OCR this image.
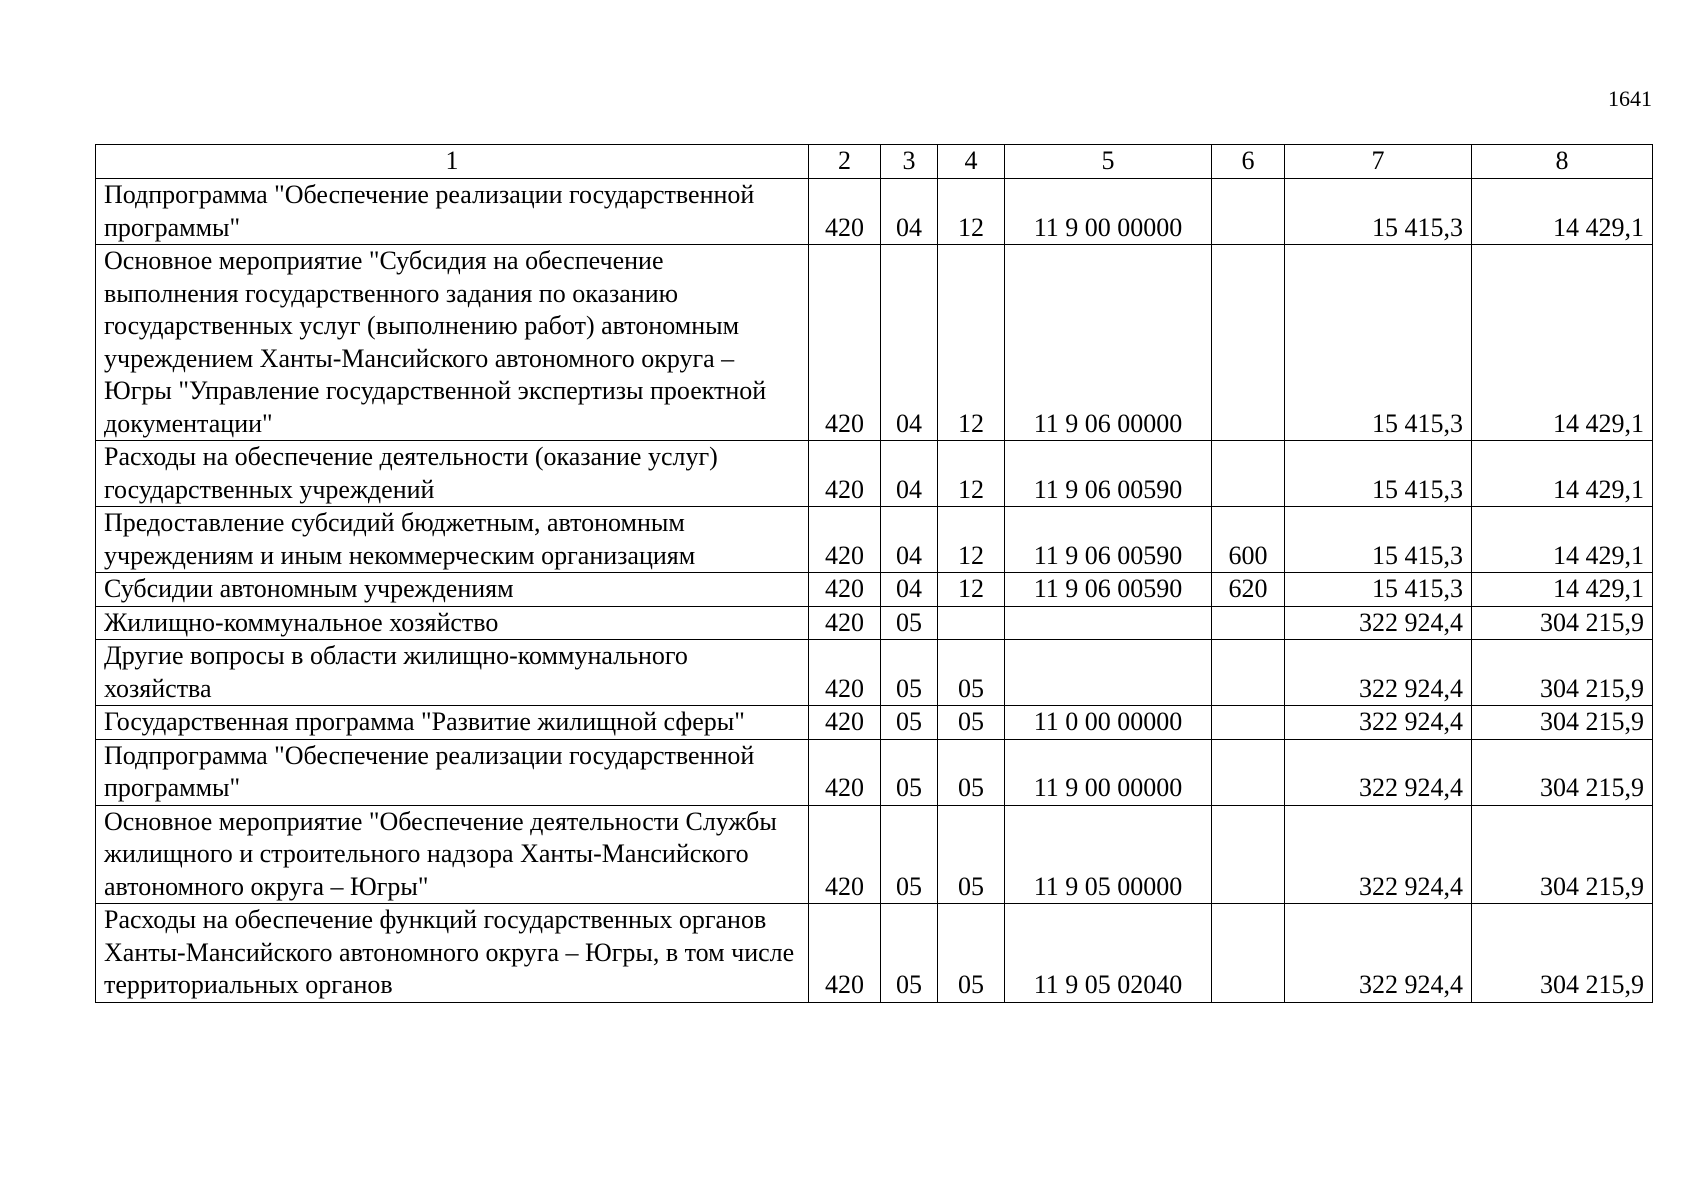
1641
1	2	3	4	5	6	7	8
Подпрограмма "Обеспечение реализации государственной программы"	420	04	12	11 9 00 00000		15 415,3	14 429,1
Основное мероприятие "Субсидия на обеспечение выполнения государственного задания по оказанию государственных услуг (выполнению работ) автономным учреждением Ханты-Мансийского автономного округа – Югры "Управление государственной экспертизы проектной документации"	420	04	12	11 9 06 00000		15 415,3	14 429,1
Расходы на обеспечение деятельности (оказание услуг) государственных учреждений	420	04	12	11 9 06 00590		15 415,3	14 429,1
Предоставление субсидий бюджетным, автономным учреждениям и иным некоммерческим организациям	420	04	12	11 9 06 00590	600	15 415,3	14 429,1
Субсидии автономным учреждениям	420	04	12	11 9 06 00590	620	15 415,3	14 429,1
Жилищно-коммунальное хозяйство	420	05				322 924,4	304 215,9
Другие вопросы в области жилищно-коммунального хозяйства	420	05	05			322 924,4	304 215,9
Государственная программа "Развитие жилищной сферы"	420	05	05	11 0 00 00000		322 924,4	304 215,9
Подпрограмма "Обеспечение реализации государственной программы"	420	05	05	11 9 00 00000		322 924,4	304 215,9
Основное мероприятие "Обеспечение деятельности Службы жилищного и строительного надзора Ханты-Мансийского автономного округа – Югры"	420	05	05	11 9 05 00000		322 924,4	304 215,9
Расходы на обеспечение функций государственных органов Ханты-Мансийского автономного округа – Югры, в том числе территориальных органов	420	05	05	11 9 05 02040		322 924,4	304 215,9
